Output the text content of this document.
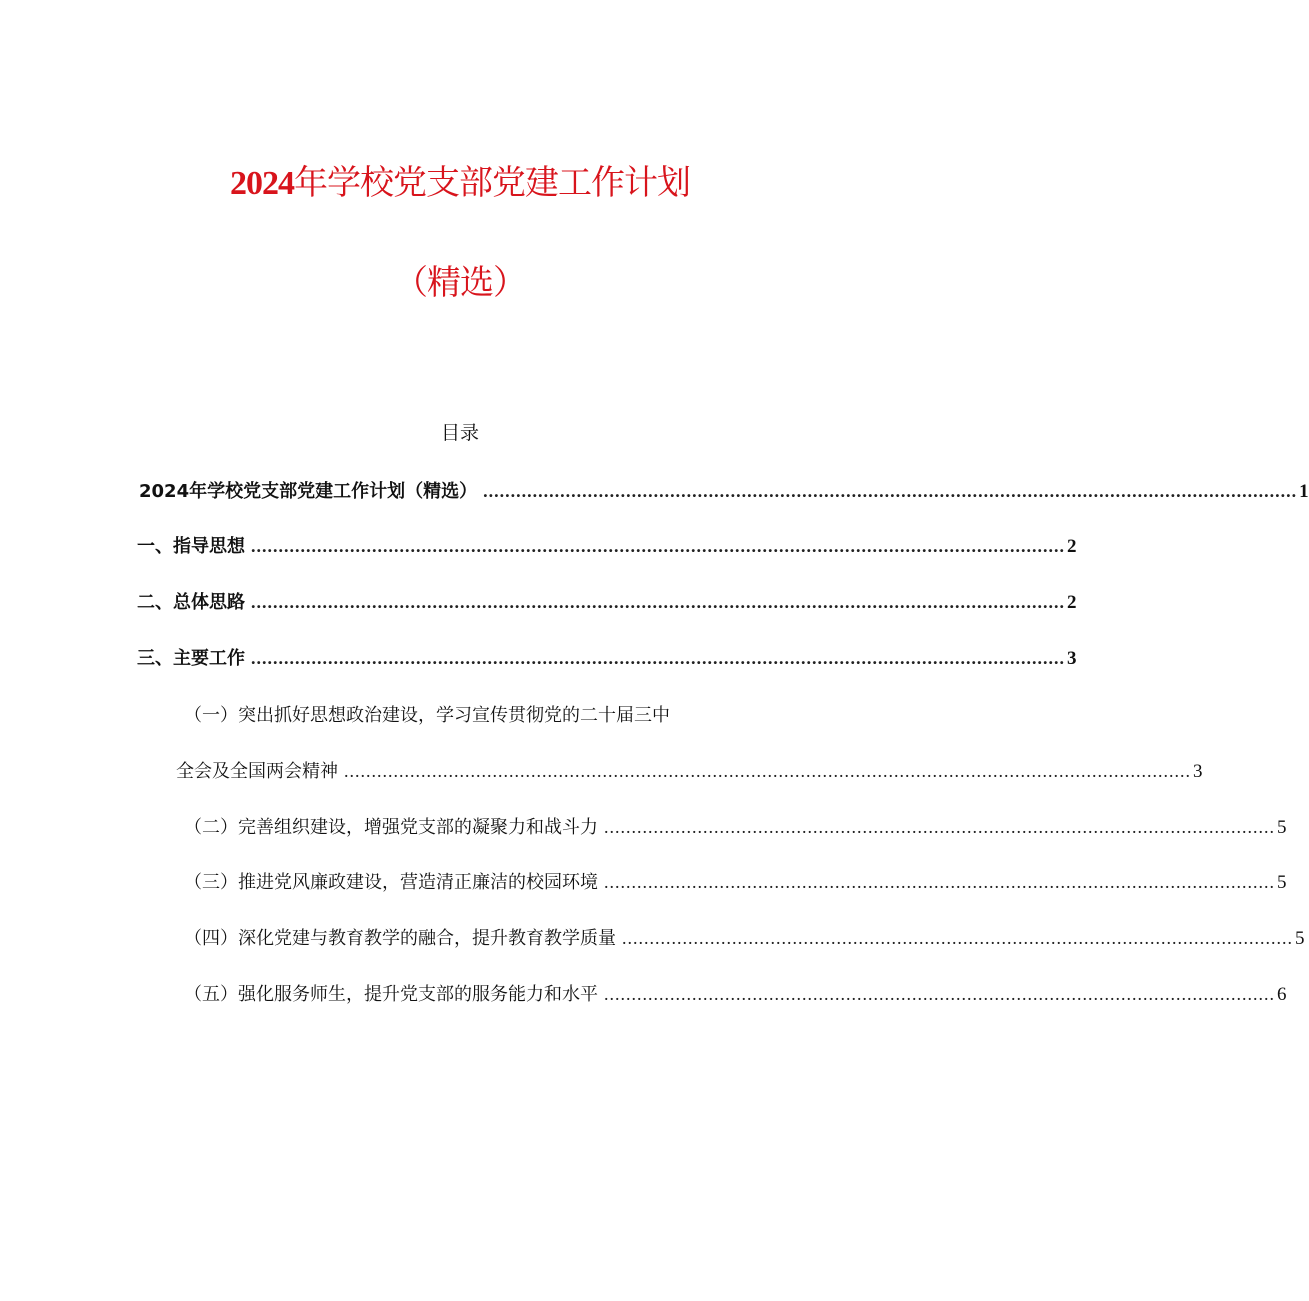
2024年学校党支部党建工作计划
（精选）
目录
2024年学校党支部党建工作计划（精选） .................................................................................................................................................... 1
一、指导思想 .................................................................................................................................................... 2
二、总体思路 .................................................................................................................................................... 2
三、主要工作 .................................................................................................................................................... 3
（一）突出抓好思想政治建设，学习宣传贯彻党的二十届三中
全会及全国两会精神 .......................................................................................................................................................... 3
（二）完善组织建设，增强党支部的凝聚力和战斗力 .......................................................................................................................... 5
（三）推进党风廉政建设，营造清正廉洁的校园环境 .......................................................................................................................... 5
（四）深化党建与教育教学的融合，提升教育教学质量 .......................................................................................................................... 5
（五）强化服务师生，提升党支部的服务能力和水平 .......................................................................................................................... 6
